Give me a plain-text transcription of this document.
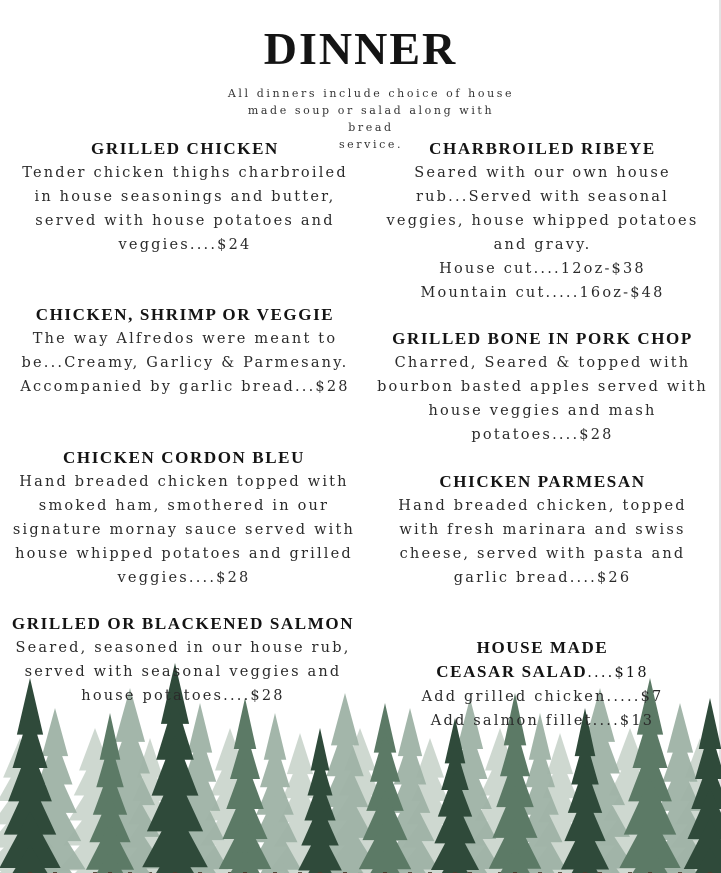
DINNER
All dinners include choice of house
made soup or salad along with bread
service.
GRILLED CHICKEN

Tender chicken thighs charbroiled
in house seasonings and butter,
served with house potatoes and
veggies....$24

CHICKEN, SHRIMP OR VEGGIE

The way Alfredos were meant to
be...Creamy, Garlicy & Parmesany.
Accompanied by garlic bread...$28

CHICKEN CORDON BLEU

Hand breaded chicken topped with
smoked ham, smothered in our
signature mornay sauce served with
house whipped potatoes and grilled
veggies....$28

GRILLED OR BLACKENED SALMON

Seared, seasoned in our house rub,
served with seasonal veggies and
house potatoes....$28

CHARBROILED RIBEYE

Seared with our own house
rub...Served with seasonal
veggies, house whipped potatoes
and gravy.
House cut....12oz-$38
Mountain cut.....16oz-$48

GRILLED BONE IN PORK CHOP

Charred, Seared & topped with
bourbon basted apples served with
house veggies and mash
potatoes....$28

CHICKEN PARMESAN

Hand breaded chicken, topped
with fresh marinara and swiss
cheese, served with pasta and
garlic bread....$26

HOUSE MADE
CEASAR SALAD....$18

Add grilled chicken.....$7
Add salmon fillet....$13
